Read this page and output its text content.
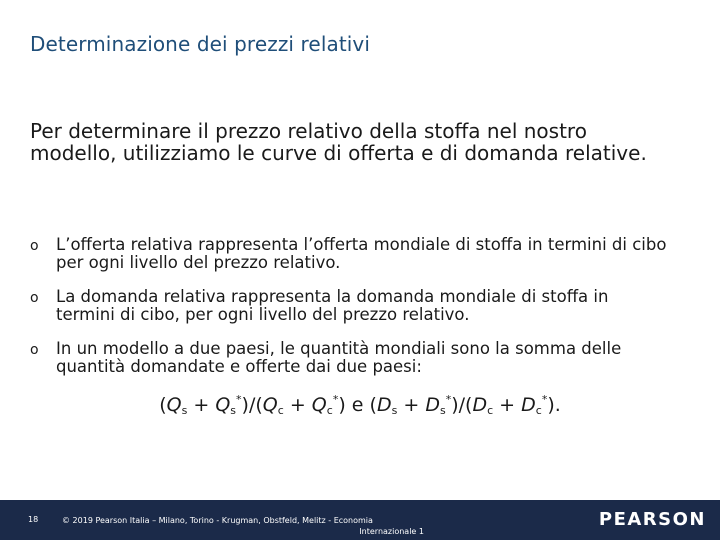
Determinazione dei prezzi relativi
Per determinare il prezzo relativo della stoffa nel nostro modello, utilizziamo le curve di offerta e di domanda relative.
o L’offerta relativa rappresenta l’offerta mondiale di stoffa in termini di cibo per ogni livello del prezzo relativo.
o La domanda relativa rappresenta la domanda mondiale di stoffa in termini di cibo, per ogni livello del prezzo relativo.
o In un modello a due paesi, le quantità mondiali sono la somma delle quantità domandate e offerte dai due paesi:
$(Q_s + Q_s^*)/(Q_c + Q_c^*)$ e $(D_s + D_s^*)/(D_c + D_c^*)$.
18	© 2019 Pearson Italia – Milano, Torino - Krugman, Obstfeld, Melitz - Economia
Internazionale 1
PEARSON
